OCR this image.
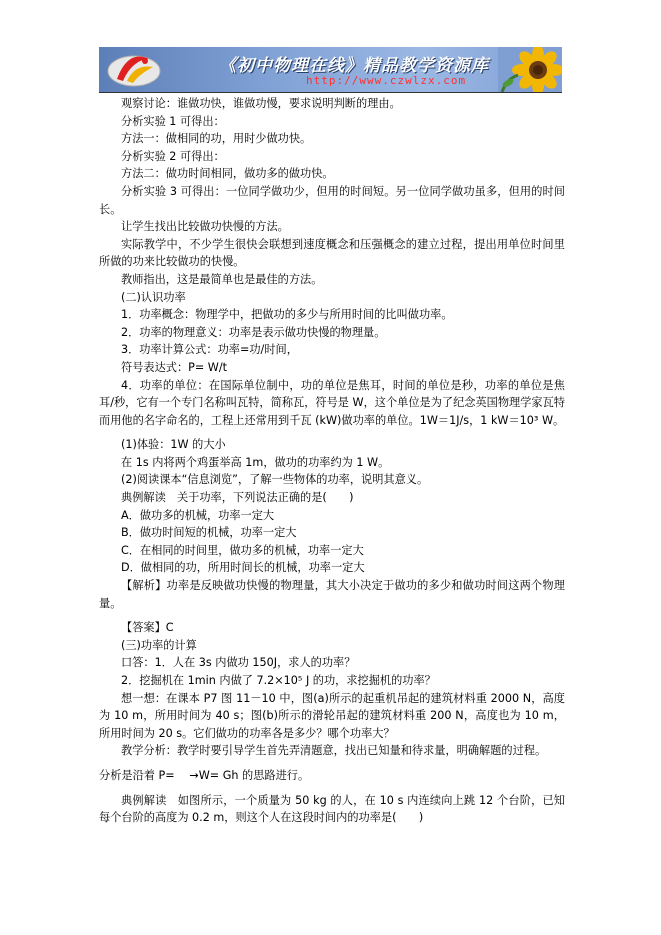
《初中物理在线》精品教学资源库
http://www.czwlzx.com

观察讨论：谁做功快，谁做功慢，要求说明判断的理由。

分析实验 1 可得出：

方法一：做相同的功，用时少做功快。

分析实验 2 可得出：

方法二：做功时间相同，做功多的做功快。

分析实验 3 可得出：一位同学做功少，但用的时间短。另一位同学做功虽多，但用的时间长。

让学生找出比较做功快慢的方法。

实际教学中，不少学生很快会联想到速度概念和压强概念的建立过程，提出用单位时间里所做的功来比较做功的快慢。

教师指出，这是最简单也是最佳的方法。

(二)认识功率

1．功率概念：物理学中，把做功的多少与所用时间的比叫做功率。

2．功率的物理意义：功率是表示做功快慢的物理量。

3．功率计算公式：功率=功/时间，

符号表达式：P= W/t

4．功率的单位：在国际单位制中，功的单位是焦耳，时间的单位是秒，功率的单位是焦耳/秒，它有一个专门名称叫瓦特，简称瓦，符号是 W，这个单位是为了纪念英国物理学家瓦特而用他的名字命名的，工程上还常用到千瓦 (kW)做功率的单位。1W＝1J/s，1 kW＝10³ W。

(1)体验：1W 的大小

在 1s 内将两个鸡蛋举高 1m，做功的功率约为 1 W。

(2)阅读课本“信息浏览”，了解一些物体的功率，说明其意义。

典例解读　关于功率，下列说法正确的是(　　)

A．做功多的机械，功率一定大

B．做功时间短的机械，功率一定大

C．在相同的时间里，做功多的机械，功率一定大

D．做相同的功，所用时间长的机械，功率一定大

【解析】功率是反映做功快慢的物理量，其大小决定于做功的多少和做功时间这两个物理量。

【答案】C

(三)功率的计算

口答：1．人在 3s 内做功 150J，求人的功率？

2．挖掘机在 1min 内做了 7.2×10⁵ J 的功，求挖掘机的功率？

想一想：在课本 P7 图 11－10 中，图(a)所示的起重机吊起的建筑材料重 2000 N，高度为 10 m，所用时间为 40 s；图(b)所示的滑轮吊起的建筑材料重 200 N，高度也为 10 m，所用时间为 20 s。它们做功的功率各是多少？哪个功率大？

教学分析：教学时要引导学生首先弄清题意，找出已知量和待求量，明确解题的过程。

分析是沿着 P= 　→W= Gh 的思路进行。

典例解读　如图所示，一个质量为 50 kg 的人，在 10 s 内连续向上跳 12 个台阶，已知每个台阶的高度为 0.2 m，则这个人在这段时间内的功率是(　　)
